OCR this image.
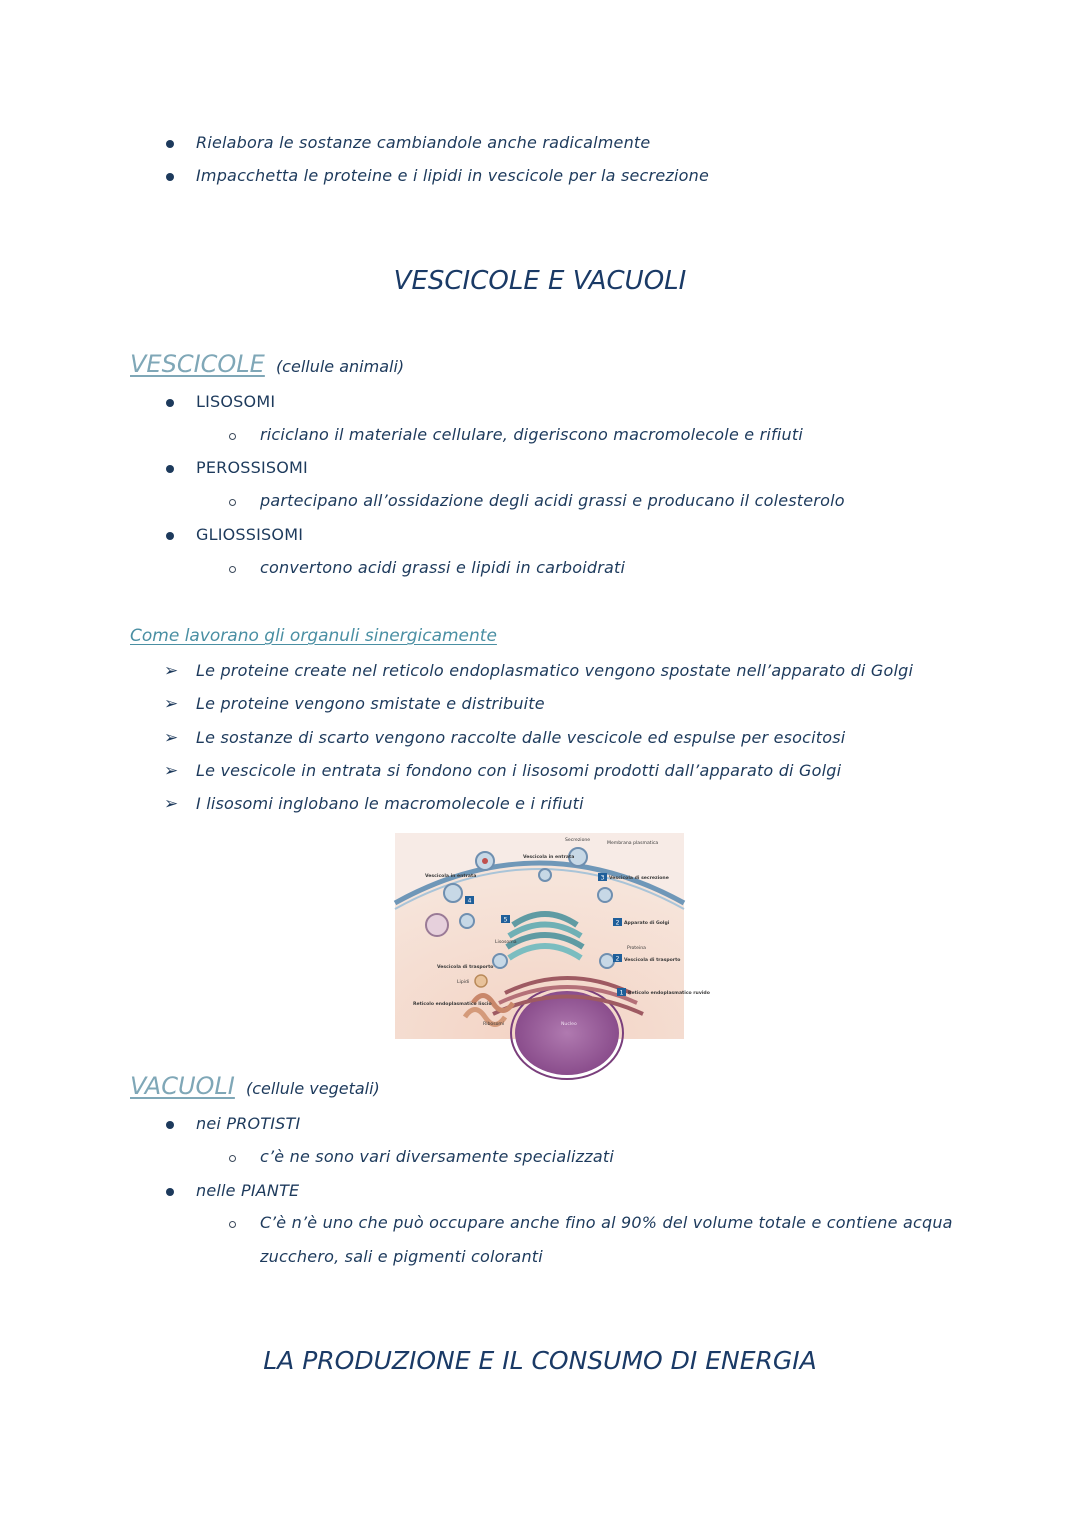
Rielabora le sostanze cambiandole anche radicalmente
Impacchetta le proteine e i lipidi in vescicole per la secrezione
VESCICOLE E VACUOLI
VESCICOLE (cellule animali)
LISOSOMI
riciclano il materiale cellulare, digeriscono macromolecole e rifiuti
PEROSSISOMI
partecipano all’ossidazione degli acidi grassi e producano il colesterolo
GLIOSSISOMI
convertono acidi grassi e lipidi in carboidrati
Come lavorano gli organuli sinergicamente
➢ Le proteine create nel reticolo endoplasmatico vengono spostate nell’apparato di Golgi
➢ Le proteine vengono smistate e distribuite
➢ Le sostanze di scarto vengono raccolte dalle vescicole ed espulse per esocitosi
➢ Le vescicole in entrata si fondono con i lisosomi prodotti dall’apparato di Golgi
➢ I lisosomi inglobano le macromolecole e i rifiuti
4
5	2
2
1
3
Secrezione
Membrana plasmatica
Vescicola in entrata
Vescicola in entrata	Vescicola di secrezione
Apparato di Golgi
Lisosoma
Proteina
Vescicola di trasporto
Vescicola di trasporto
Lipidi
Reticolo endoplasmatico ruvido
Reticolo endoplasmatico liscio
Ribosomi	Nucleo
VACUOLI (cellule vegetali)
nei PROTISTI
c’è ne sono vari diversamente specializzati
nelle PIANTE
C’è n’è uno che può occupare anche fino al 90% del volume totale e contiene acqua
zucchero, sali e pigmenti coloranti
LA PRODUZIONE E IL CONSUMO DI ENERGIA
